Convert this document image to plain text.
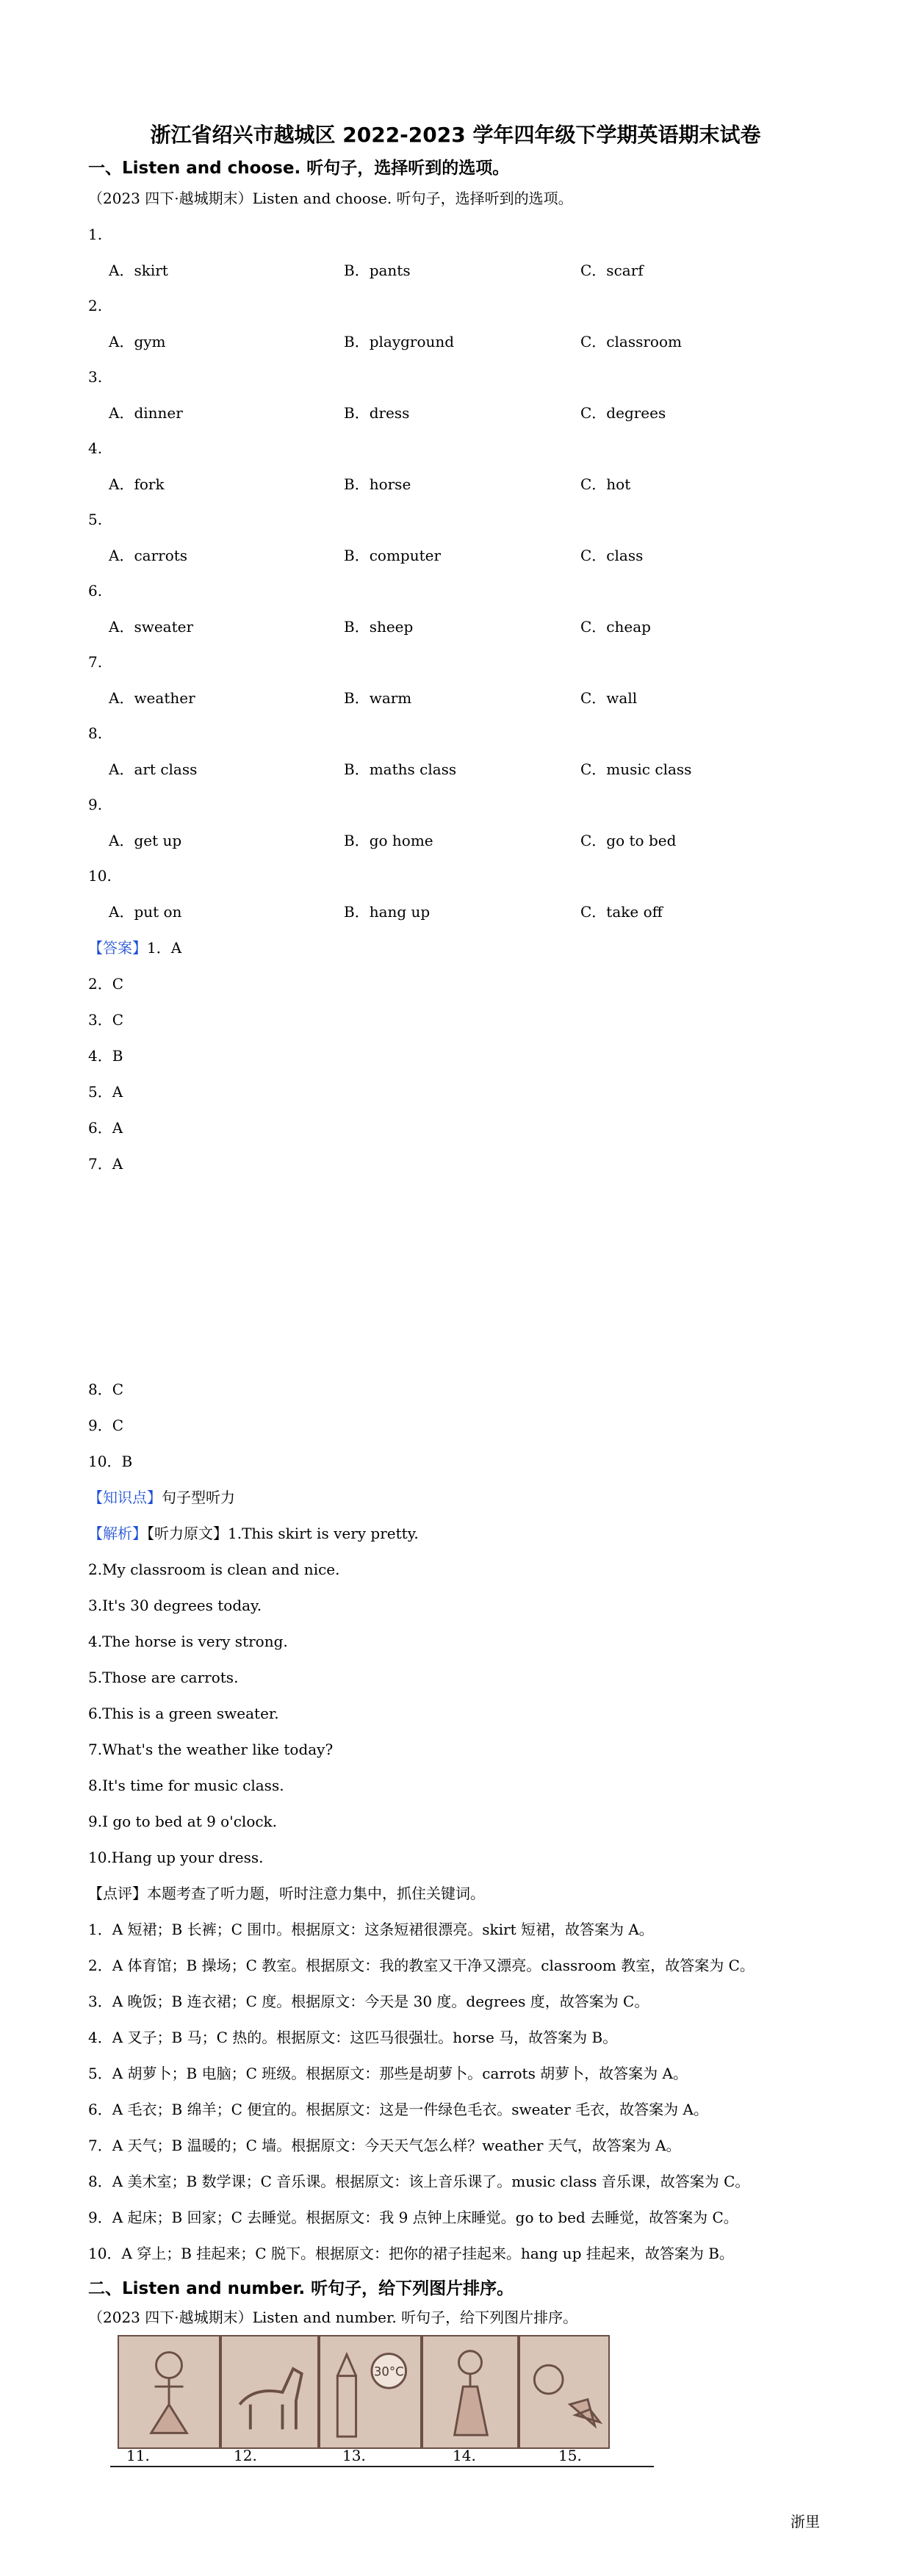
浙江省绍兴市越城区 2022-2023 学年四年级下学期英语期末试卷
一、Listen and choose. 听句子，选择听到的选项。
（2023 四下·越城期末）Listen and choose. 听句子，选择听到的选项。
1.
A．skirt	B．pants	C．scarf
2.
A．gym	B．playground	C．classroom
3.
A．dinner	B．dress	C．degrees
4.
A．fork	B．horse	C．hot
5.
A．carrots	B．computer	C．class
6.
A．sweater	B．sheep	C．cheap
7.
A．weather	B．warm	C．wall
8.
A．art class	B．maths class	C．music class
9.
A．get up	B．go home	C．go to bed
10.
A．put on	B．hang up	C．take off
【答案】1．A
2．C
3．C
4．B
5．A
6．A
7．A
8．C
9．C
10．B
【知识点】句子型听力
【解析】【听力原文】1.This skirt is very pretty.
2.My classroom is clean and nice.
3.It's 30 degrees today.
4.The horse is very strong.
5.Those are carrots.
6.This is a green sweater.
7.What's the weather like today?
8.It's time for music class.
9.I go to bed at 9 o'clock.
10.Hang up your dress.
【点评】本题考查了听力题，听时注意力集中，抓住关键词。
1．A 短裙；B 长裤；C 围巾。根据原文：这条短裙很漂亮。skirt 短裙，故答案为 A。
2．A 体育馆；B 操场；C 教室。根据原文：我的教室又干净又漂亮。classroom 教室，故答案为 C。
3．A 晚饭；B 连衣裙；C 度。根据原文：今天是 30 度。degrees 度，故答案为 C。
4．A 叉子；B 马；C 热的。根据原文：这匹马很强壮。horse 马，故答案为 B。
5．A 胡萝卜；B 电脑；C 班级。根据原文：那些是胡萝卜。carrots 胡萝卜，故答案为 A。
6．A 毛衣；B 绵羊；C 便宜的。根据原文：这是一件绿色毛衣。sweater 毛衣，故答案为 A。
7．A 天气；B 温暖的；C 墙。根据原文：今天天气怎么样？weather 天气，故答案为 A。
8．A 美术室；B 数学课；C 音乐课。根据原文：该上音乐课了。music class 音乐课，故答案为 C。
9．A 起床；B 回家；C 去睡觉。根据原文：我 9 点钟上床睡觉。go to bed 去睡觉，故答案为 C。
10．A 穿上；B 挂起来；C 脱下。根据原文：把你的裙子挂起来。hang up 挂起来，故答案为 B。
二、Listen and number. 听句子，给下列图片排序。
（2023 四下·越城期末）Listen and number. 听句子，给下列图片排序。
30°C
11.	12.	13.	14.	15.
浙里
